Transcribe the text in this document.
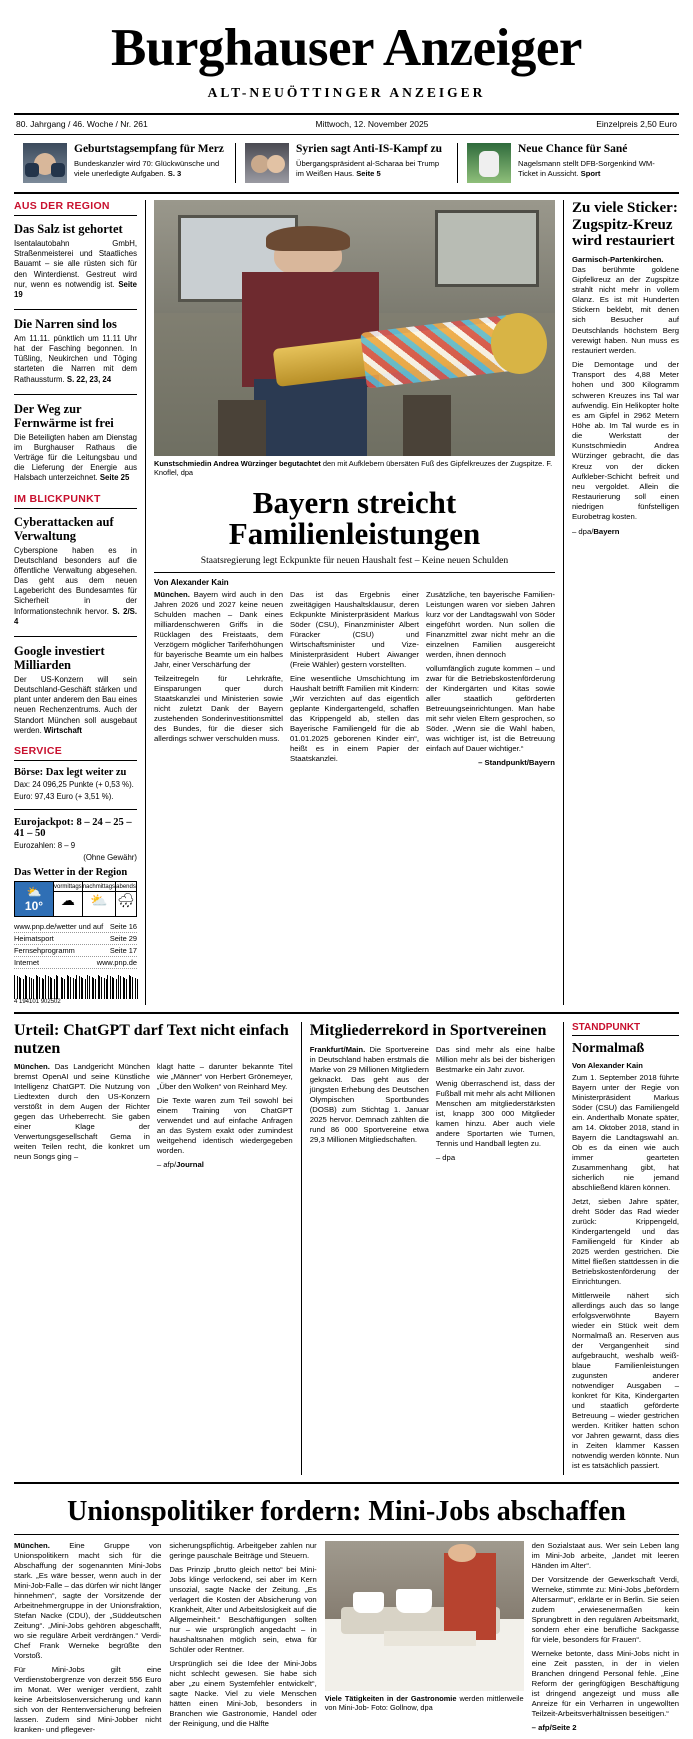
Burghauser Anzeiger
ALT-NEUÖTTINGER ANZEIGER
80. Jahrgang / 46. Woche / Nr. 261	Mittwoch, 12. November 2025	Einzelpreis 2,50 Euro
Geburtstagsempfang für Merz
Bundeskanzler wird 70: Glückwünsche und viele unerledigte Aufgaben. S. 3
Syrien sagt Anti-IS-Kampf zu
Übergangspräsident al-Scharaa bei Trump im Weißen Haus. Seite 5
Neue Chance für Sané
Nagelsmann stellt DFB-Sorgenkind WM-Ticket in Aussicht. Sport
AUS DER REGION
Das Salz ist gehortet

Isentalautobahn GmbH, Straßenmeisterei und Staatliches Bauamt – sie alle rüsten sich für den Winterdienst. Gestreut wird nur, wenn es notwendig ist. Seite 19

Die Narren sind los

Am 11.11. pünktlich um 11.11 Uhr hat der Fasching begonnen. In Tüßling, Neukirchen und Töging starteten die Narren mit dem Rathaussturm. S. 22, 23, 24

Der Weg zur Fernwärme ist frei

Die Beteiligten haben am Dienstag im Burghauser Rathaus die Verträge für die Leitungsbau und die Lieferung der Energie aus Halsbach unterzeichnet. Seite 25

IM BLICKPUNKT
Cyberattacken auf Verwaltung

Cyberspione haben es in Deutschland besonders auf die öffentliche Verwaltung abgesehen. Das geht aus dem neuen Lagebericht des Bundesamtes für Sicherheit in der Informationstechnik hervor. S. 2/S. 4

Google investiert Milliarden

Der US-Konzern will sein Deutschland-Geschäft stärken und plant unter anderem den Bau eines neuen Rechenzentrums. Auch der Standort München soll ausgebaut werden. Wirtschaft

SERVICE
Börse: Dax legt weiter zu

Dax: 24 096,25 Punkte (+ 0,53 %).

Euro: 97,43 Euro (+ 3,51 %).

Eurojackpot: 8 – 24 – 25 – 41 – 50

Eurozahlen: 8 – 9

(Ohne Gewähr)

Das Wetter in der Region
⛅
10°
vormittags
☁
nachmittags
⛅
abends
🌧
www.pnp.de/wetter und auf Seite 16
Heimatsport	Seite 29
Fernsehprogramm	Seite 17
Internet	www.pnp.de
4 194101 902502
Kunstschmiedin Andrea Würzinger begutachtet den mit Aufklebern übersäten Fuß des Gipfelkreuzes der Zugspitze. F. Knoflel, dpa
Bayern streicht Familienleistungen
Staatsregierung legt Eckpunkte für neuen Haushalt fest – Keine neuen Schulden
Von Alexander Kain

München. Bayern wird auch in den Jahren 2026 und 2027 keine neuen Schulden machen – Dank eines milliardenschweren Griffs in die Rücklagen des Freistaats, dem Verzögern möglicher Tariferhöhungen für bayerische Beamte um ein halbes Jahr, einer Verschärfung der

Teilzeitregeln für Lehrkräfte, Einsparungen quer durch Staatskanzlei und Ministerien sowie nicht zuletzt Dank der Bayern zustehenden Sonderinvestitionsmittel des Bundes, für die dieser sich allerdings schwer verschulden muss.

Das ist das Ergebnis einer zweitägigen Haushaltsklausur, deren Eckpunkte Ministerpräsident Markus Söder (CSU), Finanzminister Albert Füracker (CSU) und Wirtschaftsminister und Vize-Ministerpräsident Hubert Aiwanger (Freie Wähler) gestern vorstellten.

Eine wesentliche Umschichtung im Haushalt betrifft Familien mit Kindern: „Wir verzichten auf das eigentlich geplante Kindergartengeld, schaffen das Krippengeld ab, stellen das Bayerische Familiengeld für die ab 01.01.2025 geborenen Kinder ein“, heißt es in einem Papier der Staatskanzlei.

Zusätzliche, ten bayerische Familien-Leistungen waren vor sieben Jahren kurz vor der Landtagswahl von Söder eingeführt worden. Nun sollen die Finanzmittel zwar nicht mehr an die einzelnen Familien ausgereicht werden, ihnen dennoch

vollumfänglich zugute kommen – und zwar für die Betriebskostenförderung der Kindergärten und Kitas sowie aller staatlich geförderten Betreuungseinrichtungen. Man habe mit sehr vielen Eltern gesprochen, so Söder. „Wenn sie die Wahl haben, was wichtiger ist, ist die Betreuung einfach auf Dauer wichtiger.“

– Standpunkt/Bayern

Zu viele Sticker: Zugspitz-Kreuz wird restauriert

Garmisch-Partenkirchen. Das berühmte goldene Gipfelkreuz an der Zugspitze strahlt nicht mehr in vollem Glanz. Es ist mit Hunderten Stickern beklebt, mit denen sich Besucher auf Deutschlands höchstem Berg verewigt haben. Nun muss es restauriert werden.

Die Demontage und der Transport des 4,88 Meter hohen und 300 Kilogramm schweren Kreuzes ins Tal war aufwendig. Ein Helikopter holte es am Gipfel in 2962 Metern Höhe ab. Im Tal wurde es in die Werkstatt der Kunstschmiedin Andrea Würzinger gebracht, die das Kreuz von der dicken Aufkleber-Schicht befreit und neu vergoldet. Allein die Restaurierung soll einen niedrigen fünfstelligen Eurobetrag kosten.

– dpa/Bayern

Urteil: ChatGPT darf Text nicht einfach nutzen

München. Das Landgericht München bremst OpenAI und seine Künstliche Intelligenz ChatGPT. Die Nutzung von Liedtexten durch den US-Konzern verstößt in dem Augen der Richter gegen das Urheberrecht. Sie gaben einer Klage der Verwertungsgesellschaft Gema in weiten Teilen recht, die konkret um neun Songs ging –

klagt hatte – darunter bekannte Titel wie „Männer“ von Herbert Grönemeyer, „Über den Wolken“ von Reinhard Mey.

Die Texte waren zum Teil sowohl bei einem Training von ChatGPT verwendet und auf einfache Anfragen an das System exakt oder zumindest weitgehend identisch wiedergegeben worden.

– afp/Journal

Mitgliederrekord in Sportvereinen

Frankfurt/Main. Die Sportvereine in Deutschland haben erstmals die Marke von 29 Millionen Mitgliedern geknackt. Das geht aus der jüngsten Erhebung des Deutschen Olympischen Sportbundes (DOSB) zum Stichtag 1. Januar 2025 hervor. Demnach zählten die rund 86 000 Sportvereine etwa 29,3 Millionen Mitgliedschaften.

Das sind mehr als eine halbe Million mehr als bei der bisherigen Bestmarke ein Jahr zuvor.

Wenig überraschend ist, dass der Fußball mit mehr als acht Millionen Menschen am mitgliederstärksten ist, knapp 300 000 Mitglieder kamen hinzu. Aber auch viele andere Sportarten wie Turnen, Tennis und Handball legten zu.

– dpa

STANDPUNKT
Normalmaß
Von Alexander Kain

Zum 1. September 2018 führte Bayern unter der Regie von Ministerpräsident Markus Söder (CSU) das Familiengeld ein. Anderthalb Monate später, am 14. Oktober 2018, stand in Bayern die Landtagswahl an. Ob es da einen wie auch immer gearteten Zusammenhang gibt, hat sicherlich nie jemand abschließend klären können.

Jetzt, sieben Jahre später, dreht Söder das Rad wieder zurück: Krippengeld, Kindergartengeld und das Familiengeld für Kinder ab 2025 werden gestrichen. Die Mittel fließen stattdessen in die Betriebskostenförderung der Einrichtungen.

Mittlerweile nähert sich allerdings auch das so lange erfolgsverwöhnte Bayern wieder ein Stück weit dem Normalmaß an. Reserven aus der Vergangenheit sind aufgebraucht, weshalb weiß-blaue Familienleistungen zugunsten anderer notwendiger Ausgaben – konkret für Kita, Kindergarten und staatlich geförderte Betreuung – wieder gestrichen werden. Kritiker hatten schon vor Jahren gewarnt, dass dies in Zeiten klammer Kassen notwendig werden könnte. Nun ist es tatsächlich passiert.

Unionspolitiker fordern: Mini-Jobs abschaffen

München. Eine Gruppe von Unionspolitikern macht sich für die Abschaffung der sogenannten Mini-Jobs stark. „Es wäre besser, wenn auch in der Mini-Job-Falle – das dürfen wir nicht länger hinnehmen“, sagte der Vorsitzende der Arbeitnehmergruppe in der Unionsfraktion, Stefan Nacke (CDU), der „Süddeutschen Zeitung“. „Mini-Jobs gehören abgeschafft, wo sie reguläre Arbeit verdrängen.“ Verdi-Chef Frank Werneke begrüßte den Vorstoß.

Für Mini-Jobs gilt eine Verdienstobergrenze von derzeit 556 Euro im Monat. Wer weniger verdient, zahlt keine Arbeitslosenversicherung und kann sich von der Rentenversicherung befreien lassen. Zudem sind Mini-Jobber nicht kranken- und pflegever-

sicherungspflichtig. Arbeitgeber zahlen nur geringe pauschale Beiträge und Steuern.

Das Prinzip „brutto gleich netto“ bei Mini-Jobs klinge verlockend, sei aber im Kern unsozial, sagte Nacke der Zeitung. „Es verlagert die Kosten der Absicherung von Krankheit, Alter und Arbeitslosigkeit auf die Allgemeinheit.“ Beschäftigungen sollten nur – wie ursprünglich angedacht – in haushaltsnahen möglich sein, etwa für Schüler oder Rentner.

Ursprünglich sei die Idee der Mini-Jobs nicht schlecht gewesen. Sie habe sich aber „zu einem Systemfehler entwickelt“, sagte Nacke. Viel zu viele Menschen hätten einen Mini-Job, besonders in Branchen wie Gastronomie, Handel oder der Reinigung, und die Hälfte

Viele Tätigkeiten in der Gastronomie werden mittlerweile von Mini-Job- Foto: Gollnow, dpa

den Sozialstaat aus. Wer sein Leben lang im Mini-Job arbeite, „landet mit leeren Händen im Alter“.

Der Vorsitzende der Gewerkschaft Verdi, Werneke, stimmte zu: Mini-Jobs „befördern Altersarmut“, erklärte er in Berlin. Sie seien zudem „erwiesenermaßen kein Sprungbrett in den regulären Arbeitsmarkt, sondern eher eine berufliche Sackgasse für viele, besonders für Frauen“.

Werneke betonte, dass Mini-Jobs nicht in eine Zeit passten, in der in vielen Branchen dringend Personal fehle. „Eine Reform der geringfügigen Beschäftigung ist dringend angezeigt und muss alle Anreize für ein Verharren in ungewollten Teilzeit-Arbeitsverhältnissen beseitigen.“

– afp/Seite 2
